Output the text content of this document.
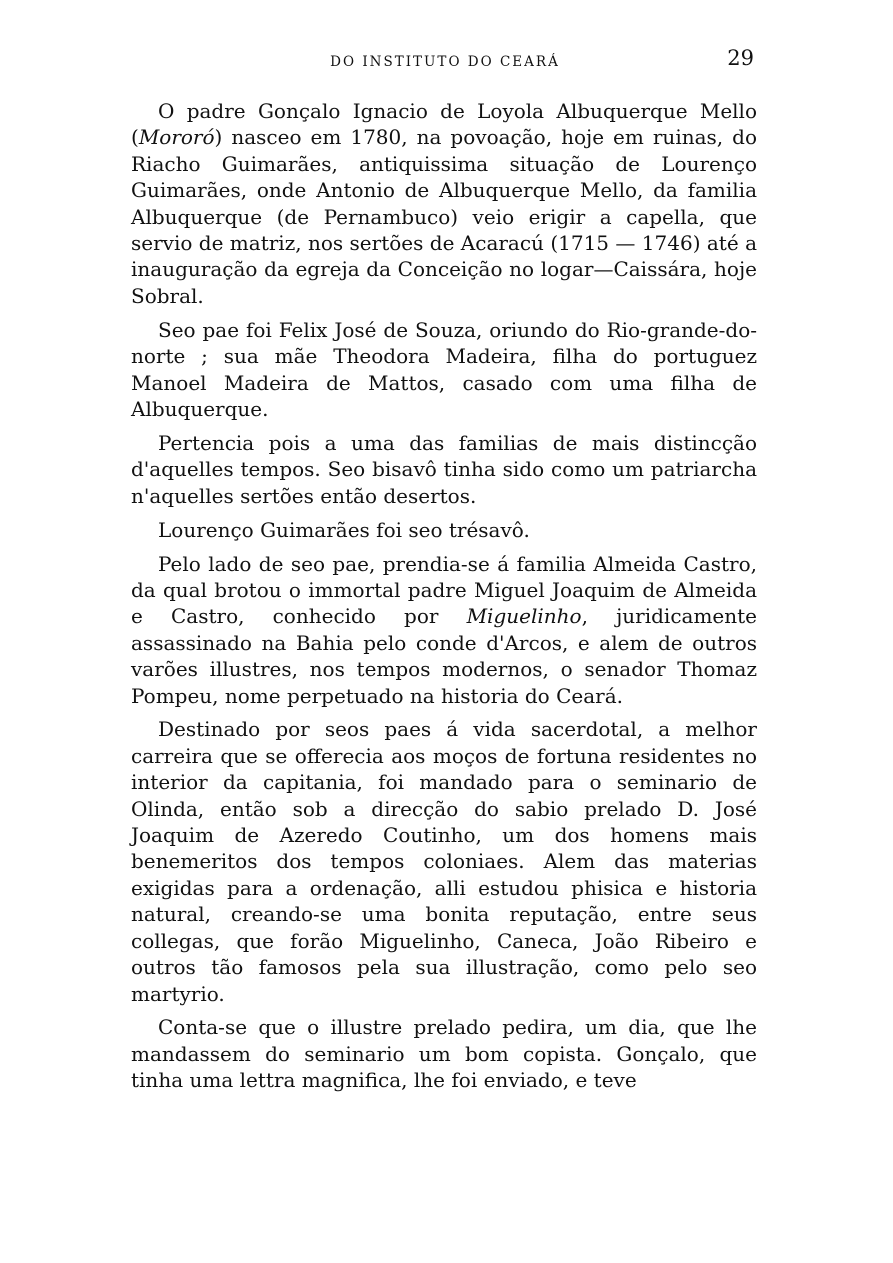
DO INSTITUTO DO CEARÁ	29

O padre Gonçalo Ignacio de Loyola Albuquerque Mello (Mororó) nasceo em 1780, na povoação, hoje em ruinas, do Riacho Guimarães, antiquissima situação de Lourenço Guimarães, onde Antonio de Albuquerque Mello, da familia Albuquerque (de Pernambuco) veio erigir a capella, que servio de matriz, nos sertões de Acaracú (1715 — 1746) até a inauguração da egreja da Conceição no logar—Caissára, hoje Sobral.

Seo pae foi Felix José de Souza, oriundo do Rio-grande-do-norte ; sua mãe Theodora Madeira, filha do portuguez Manoel Madeira de Mattos, casado com uma filha de Albuquerque.

Pertencia pois a uma das familias de mais distincção d'aquelles tempos. Seo bisavô tinha sido como um patriarcha n'aquelles sertões então desertos.

Lourenço Guimarães foi seo trésavô.

Pelo lado de seo pae, prendia-se á familia Almeida Castro, da qual brotou o immortal padre Miguel Joaquim de Almeida e Castro, conhecido por Miguelinho, juridicamente assassinado na Bahia pelo conde d'Arcos, e alem de outros varões illustres, nos tempos modernos, o senador Thomaz Pompeu, nome perpetuado na historia do Ceará.

Destinado por seos paes á vida sacerdotal, a melhor carreira que se offerecia aos moços de fortuna residentes no interior da capitania, foi mandado para o seminario de Olinda, então sob a direcção do sabio prelado D. José Joaquim de Azeredo Coutinho, um dos homens mais benemeritos dos tempos coloniaes. Alem das materias exigidas para a ordenação, alli estudou phisica e historia natural, creando-se uma bonita reputação, entre seus collegas, que forão Miguelinho, Caneca, João Ribeiro e outros tão famosos pela sua illustração, como pelo seo martyrio.

Conta-se que o illustre prelado pedira, um dia, que lhe mandassem do seminario um bom copista. Gonçalo, que tinha uma lettra magnifica, lhe foi enviado, e teve
